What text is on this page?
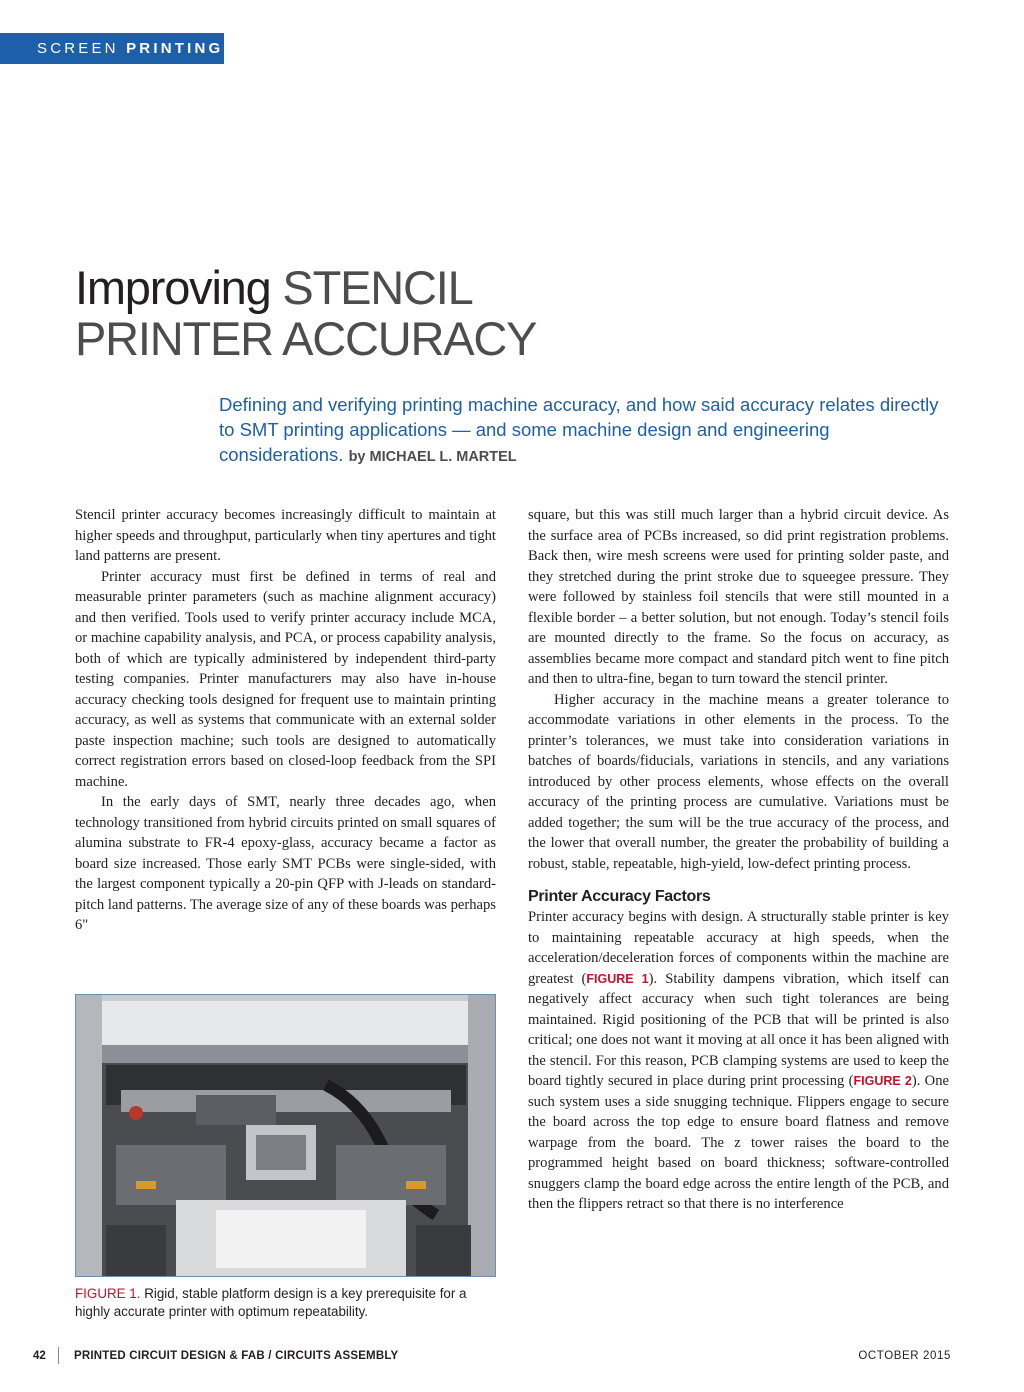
SCREEN PRINTING
Improving STENCIL
PRINTER ACCURACY
Defining and verifying printing machine accuracy, and how said accuracy relates directly to SMT printing applications — and some machine design and engineering considerations. by MICHAEL L. MARTEL

Stencil printer accuracy becomes increasingly difficult to maintain at higher speeds and throughput, particularly when tiny apertures and tight land patterns are present.

Printer accuracy must first be defined in terms of real and measurable printer parameters (such as machine alignment accuracy) and then verified. Tools used to verify printer accuracy include MCA, or machine capability analysis, and PCA, or process capability analysis, both of which are typically administered by independent third-party testing companies. Printer manufacturers may also have in-house accuracy checking tools designed for frequent use to maintain printing accuracy, as well as systems that communicate with an external solder paste inspection machine; such tools are designed to automatically correct registration errors based on closed-loop feedback from the SPI machine.

In the early days of SMT, nearly three decades ago, when technology transitioned from hybrid circuits printed on small squares of alumina substrate to FR-4 epoxy-glass, accuracy became a factor as board size increased. Those early SMT PCBs were single-sided, with the largest component typically a 20-pin QFP with J-leads on standard-pitch land patterns. The average size of any of these boards was perhaps 6"

FIGURE 1. Rigid, stable platform design is a key prerequisite for a highly accurate printer with optimum repeatability.

square, but this was still much larger than a hybrid circuit device. As the surface area of PCBs increased, so did print registration problems. Back then, wire mesh screens were used for printing solder paste, and they stretched during the print stroke due to squeegee pressure. They were followed by stainless foil stencils that were still mounted in a flexible border – a better solution, but not enough. Today’s stencil foils are mounted directly to the frame. So the focus on accuracy, as assemblies became more compact and standard pitch went to fine pitch and then to ultra-fine, began to turn toward the stencil printer.

Higher accuracy in the machine means a greater tolerance to accommodate variations in other elements in the process. To the printer’s tolerances, we must take into consideration variations in batches of boards/fiducials, variations in stencils, and any variations introduced by other process elements, whose effects on the overall accuracy of the printing process are cumulative. Variations must be added together; the sum will be the true accuracy of the process, and the lower that overall number, the greater the probability of building a robust, stable, repeatable, high-yield, low-defect printing process.

Printer Accuracy Factors

Printer accuracy begins with design. A structurally stable printer is key to maintaining repeatable accuracy at high speeds, when the acceleration/deceleration forces of components within the machine are greatest (FIGURE 1). Stability dampens vibration, which itself can negatively affect accuracy when such tight tolerances are being maintained. Rigid positioning of the PCB that will be printed is also critical; one does not want it moving at all once it has been aligned with the stencil. For this reason, PCB clamping systems are used to keep the board tightly secured in place during print processing (FIGURE 2). One such system uses a side snugging technique. Flippers engage to secure the board across the top edge to ensure board flatness and remove warpage from the board. The z tower raises the board to the programmed height based on board thickness; software-controlled snuggers clamp the board edge across the entire length of the PCB, and then the flippers retract so that there is no interference

42 PRINTED CIRCUIT DESIGN & FAB / CIRCUITS ASSEMBLY	OCTOBER 2015
